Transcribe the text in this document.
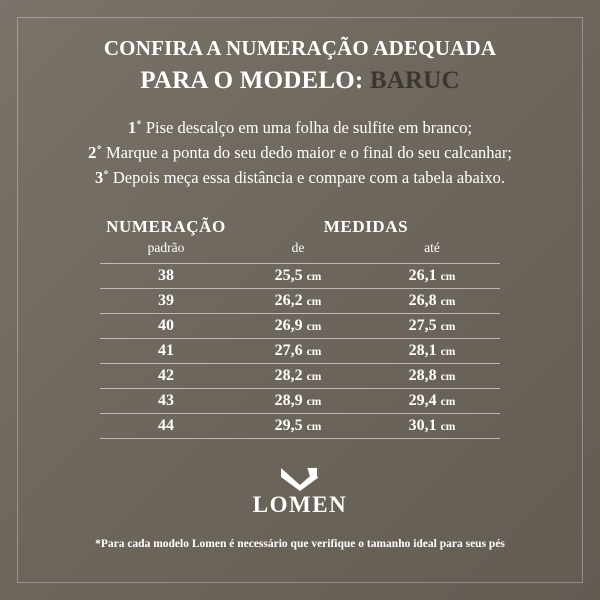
CONFIRA A NUMERAÇÃO ADEQUADA
PARA O MODELO: BARUC
1˚ Pise descalço em uma folha de sulfite em branco;
2˚ Marque a ponta do seu dedo maior e o final do seu calcanhar;
3˚ Depois meça essa distância e compare com a tabela abaixo.
NUMERAÇÃO	MEDIDAS	
padrão	de	até
38	25,5 cm	26,1 cm
39	26,2 cm	26,8 cm
40	26,9 cm	27,5 cm
41	27,6 cm	28,1 cm
42	28,2 cm	28,8 cm
43	28,9 cm	29,4 cm
44	29,5 cm	30,1 cm
LOMEN
*Para cada modelo Lomen é necessário que verifique o tamanho ideal para seus pés
